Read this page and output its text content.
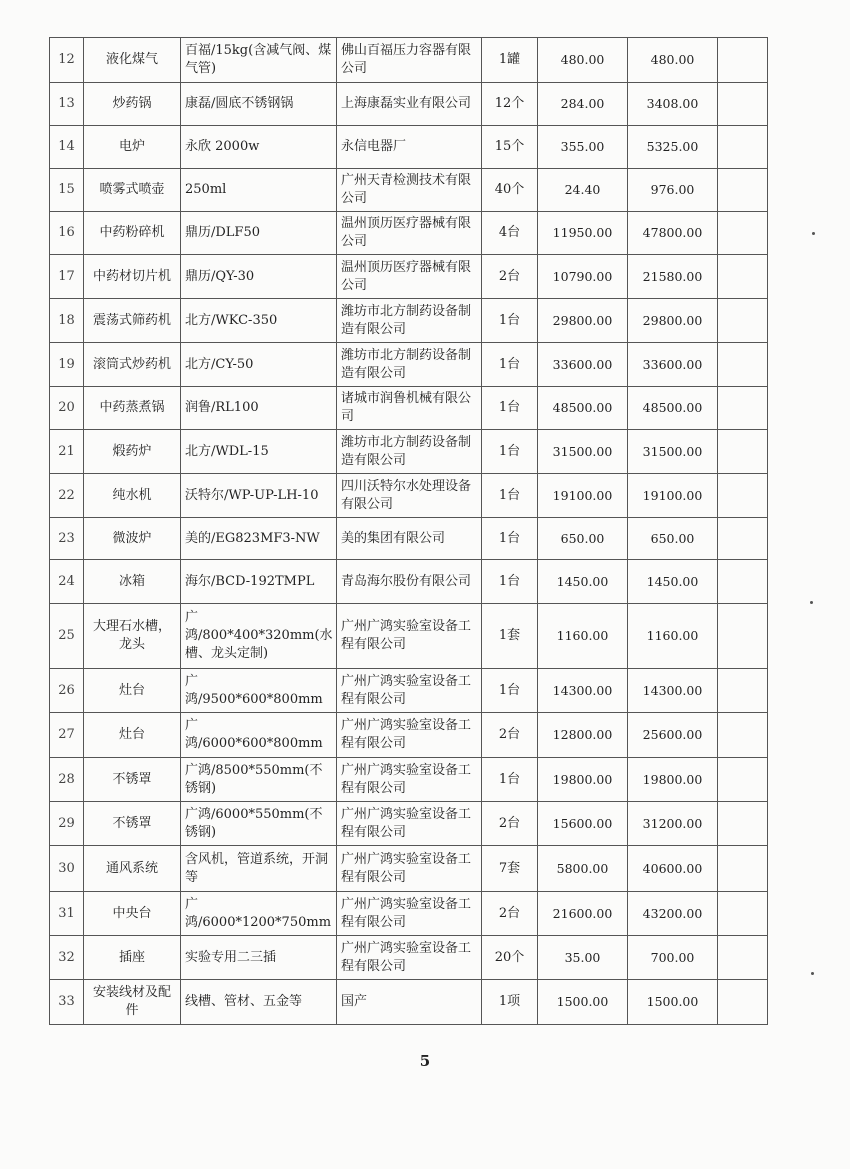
12	液化煤气	百福/15kg(含减气阀、煤气管)	佛山百福压力容器有限公司	1罐	480.00	480.00	
13	炒药锅	康磊/圆底不锈钢锅	上海康磊实业有限公司	12个	284.00	3408.00	
14	电炉	永欣 2000w	永信电器厂	15个	355.00	5325.00	
15	喷雾式喷壶	250ml	广州天青检测技术有限公司	40个	24.40	976.00	
16	中药粉碎机	鼎历/DLF50	温州顶历医疗器械有限公司	4台	11950.00	47800.00	
17	中药材切片机	鼎历/QY-30	温州顶历医疗器械有限公司	2台	10790.00	21580.00	
18	震荡式筛药机	北方/WKC-350	潍坊市北方制药设备制造有限公司	1台	29800.00	29800.00	
19	滚筒式炒药机	北方/CY-50	潍坊市北方制药设备制造有限公司	1台	33600.00	33600.00	
20	中药蒸煮锅	润鲁/RL100	诸城市润鲁机械有限公司	1台	48500.00	48500.00	
21	煅药炉	北方/WDL-15	潍坊市北方制药设备制造有限公司	1台	31500.00	31500.00	
22	纯水机	沃特尔/WP-UP-LH-10	四川沃特尔水处理设备有限公司	1台	19100.00	19100.00	
23	微波炉	美的/EG823MF3-NW	美的集团有限公司	1台	650.00	650.00	
24	冰箱	海尔/BCD-192TMPL	青岛海尔股份有限公司	1台	1450.00	1450.00	
25	大理石水槽，龙头	广鸿/800*400*320mm(水槽、龙头定制)	广州广鸿实验室设备工程有限公司	1套	1160.00	1160.00	
26	灶台	广鸿/9500*600*800mm	广州广鸿实验室设备工程有限公司	1台	14300.00	14300.00	
27	灶台	广鸿/6000*600*800mm	广州广鸿实验室设备工程有限公司	2台	12800.00	25600.00	
28	不锈罩	广鸿/8500*550mm(不锈钢)	广州广鸿实验室设备工程有限公司	1台	19800.00	19800.00	
29	不锈罩	广鸿/6000*550mm(不锈钢)	广州广鸿实验室设备工程有限公司	2台	15600.00	31200.00	
30	通风系统	含风机，管道系统，开洞等	广州广鸿实验室设备工程有限公司	7套	5800.00	40600.00	
31	中央台	广鸿/6000*1200*750mm	广州广鸿实验室设备工程有限公司	2台	21600.00	43200.00	
32	插座	实验专用二三插	广州广鸿实验室设备工程有限公司	20个	35.00	700.00	
33	安装线材及配件	线槽、管材、五金等	国产	1项	1500.00	1500.00	
5
